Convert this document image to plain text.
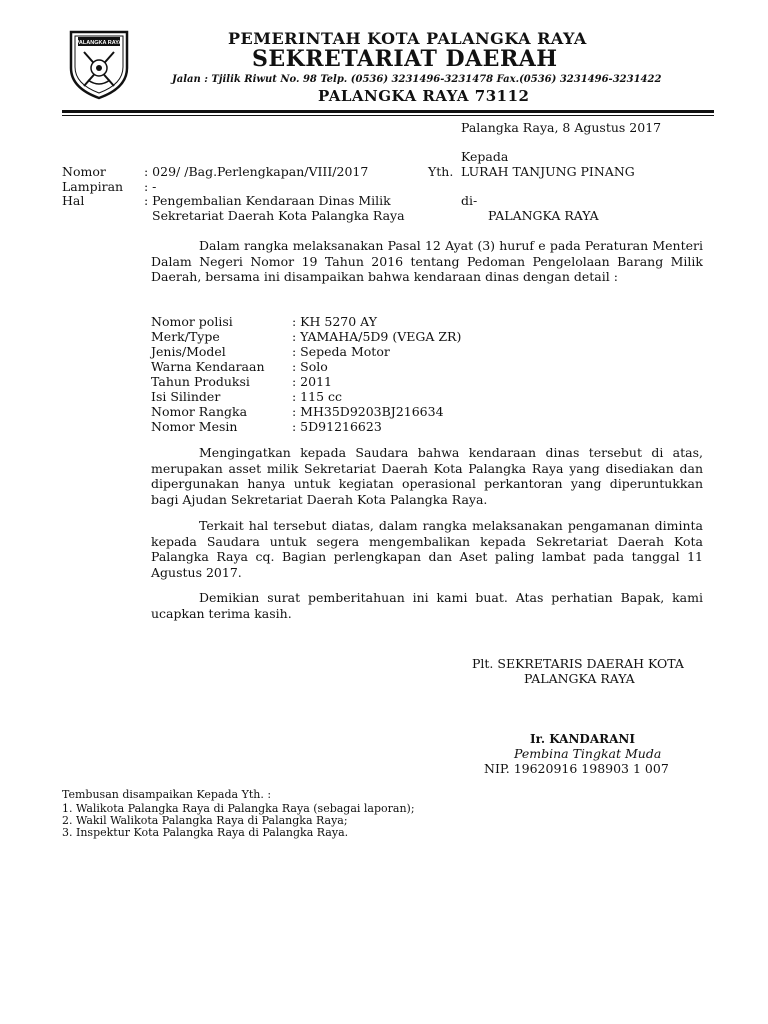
PALANGKA RAYA	PEMERINTAH KOTA PALANGKA RAYA
SEKRETARIAT DAERAH
Jalan : Tjilik Riwut No. 98 Telp. (0536) 3231496-3231478 Fax.(0536) 3231496-3231422
PALANGKA RAYA 73112
Palangka Raya, 8 Agustus 2017
Kepada
Yth. LURAH TANJUNG PINANG
di-
PALANGKA RAYA
Nomor	: 029/ /Bag.Perlengkapan/VIII/2017
Lampiran : -
Hal	: Pengembalian Kendaraan Dinas Milik
Sekretariat Daerah Kota Palangka Raya

Dalam rangka melaksanakan Pasal 12 Ayat (3) huruf e pada Peraturan Menteri Dalam Negeri Nomor 19 Tahun 2016 tentang Pedoman Pengelolaan Barang Milik Daerah, bersama ini disampaikan bahwa kendaraan dinas dengan detail :

Nomor polisi	: KH 5270 AY
Merk/Type	: YAMAHA/5D9 (VEGA ZR)
Jenis/Model	: Sepeda Motor
Warna Kendaraan : Solo
Tahun Produksi	: 2011
Isi Silinder	: 115 cc
Nomor Rangka	: MH35D9203BJ216634
Nomor Mesin	: 5D91216623

Mengingatkan kepada Saudara bahwa kendaraan dinas tersebut di atas, merupakan asset milik Sekretariat Daerah Kota Palangka Raya yang disediakan dan dipergunakan hanya untuk kegiatan operasional perkantoran yang diperuntukkan bagi Ajudan Sekretariat Daerah Kota Palangka Raya.

Terkait hal tersebut diatas, dalam rangka melaksanakan pengamanan diminta kepada Saudara untuk segera mengembalikan kepada Sekretariat Daerah Kota Palangka Raya cq. Bagian perlengkapan dan Aset paling lambat pada tanggal 11 Agustus 2017.

Demikian surat pemberitahuan ini kami buat. Atas perhatian Bapak, kami ucapkan terima kasih.

Plt. SEKRETARIS DAERAH KOTA
PALANGKA RAYA
Ir. KANDARANI
Pembina Tingkat Muda
NIP. 19620916 198903 1 007
Tembusan disampaikan Kepada Yth. :
1. Walikota Palangka Raya di Palangka Raya (sebagai laporan);
2. Wakil Walikota Palangka Raya di Palangka Raya;
3. Inspektur Kota Palangka Raya di Palangka Raya.
